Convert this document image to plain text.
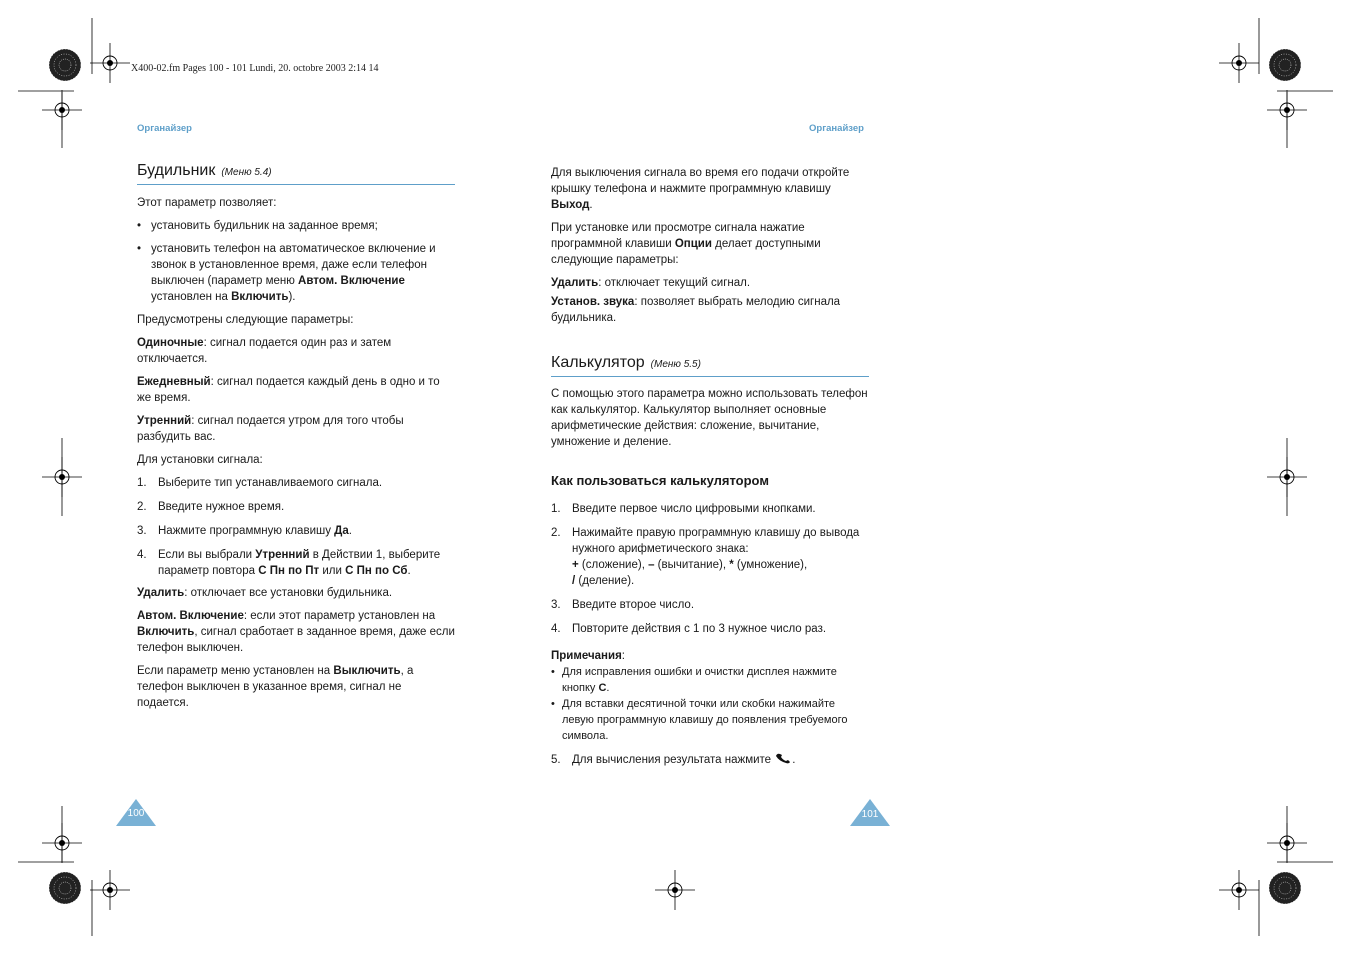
X400-02.fm Pages 100 - 101 Lundi, 20. octobre 2003 2:14 14
Органайзер	Органайзер
Будильник (Меню 5.4)

Этот параметр позволяет:

• установить будильник на заданное время;
• установить телефон на автоматическое включение и звонок в установленное время, даже если телефон выключен (параметр меню Автом. Включение установлен на Включить).

Предусмотрены следующие параметры:

Одиночные: сигнал подается один раз и затем отключается.

Ежедневный: сигнал подается каждый день в одно и то же время.

Утренний: сигнал подается утром для того чтобы разбудить вас.

Для установки сигнала:

1. Выберите тип устанавливаемого сигнала.
2. Введите нужное время.
3. Нажмите программную клавишу Да.
4. Если вы выбрали Утренний в Действии 1, выберите параметр повтора С Пн по Пт или С Пн по Сб.

Удалить: отключает все установки будильника.

Автом. Включение: если этот параметр установлен на Включить, сигнал сработает в заданное время, даже если телефон выключен.

Если параметр меню установлен на Выключить, а телефон выключен в указанное время, сигнал не подается.

Для выключения сигнала во время его подачи откройте крышку телефона и нажмите программную клавишу Выход.

При установке или просмотре сигнала нажатие программной клавиши Опции делает доступными следующие параметры:

Удалить: отключает текущий сигнал.

Установ. звука: позволяет выбрать мелодию сигнала будильника.

Калькулятор (Меню 5.5)

С помощью этого параметра можно использовать телефон как калькулятор. Калькулятор выполняет основные арифметические действия: сложение, вычитание, умножение и деление.

Как пользоваться калькулятором
1. Введите первое число цифровыми кнопками.
2. Нажимайте правую программную клавишу до вывода нужного арифметического знака:
+ (сложение), – (вычитание), * (умножение),
/ (деление).
3. Введите второе число.
4. Повторите действия с 1 по 3 нужное число раз.

Примечания:

• Для исправления ошибки и очистки дисплея нажмите кнопку C.
• Для вставки десятичной точки или скобки нажимайте левую программную клавишу до появления требуемого символа.
5. Для вычисления результата нажмите .
100	101
